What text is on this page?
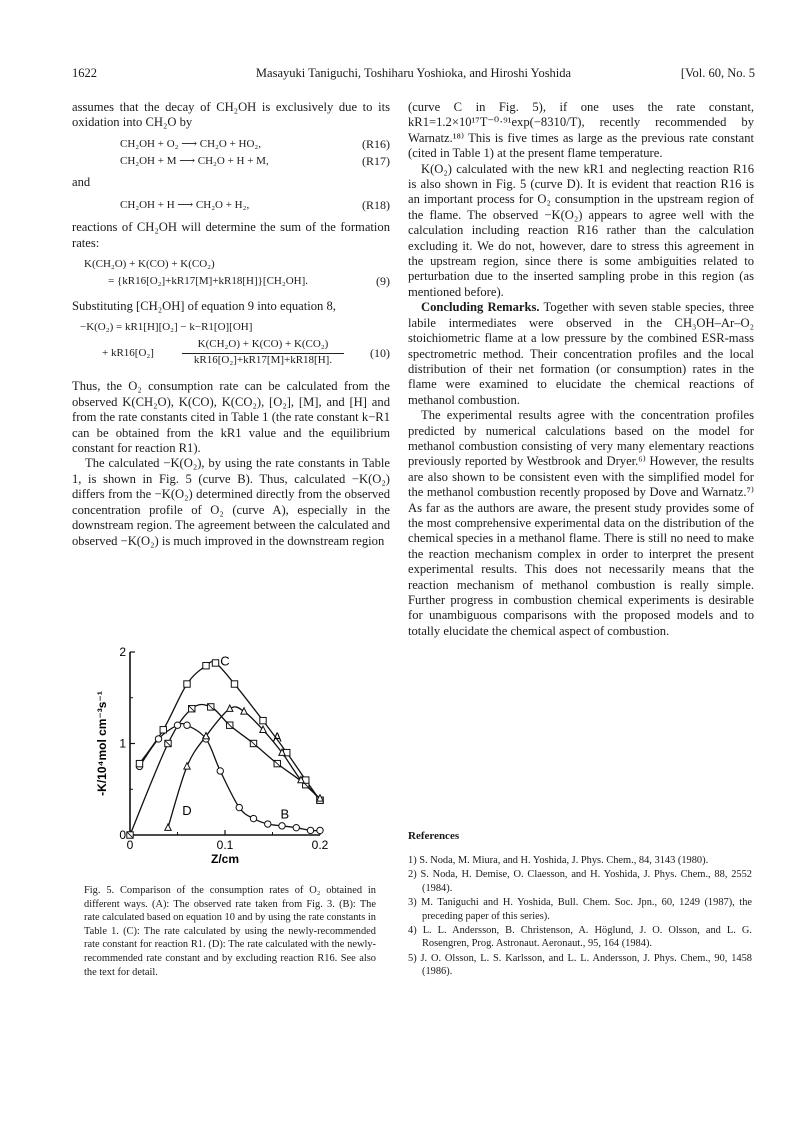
1622	Masayuki Taniguchi, Toshiharu Yoshioka, and Hiroshi Yoshida	[Vol. 60, No. 5

assumes that the decay of CH₂OH is exclusively due to its oxidation into CH₂O by

CH₂OH + O₂ ⟶ CH₂O + HO₂,	(R16)
CH₂OH + M ⟶ CH₂O + H + M,	(R17)

and

CH₂OH + H ⟶ CH₂O + H₂,	(R18)

reactions of CH₂OH will determine the sum of the formation rates:

K(CH₂O) + K(CO) + K(CO₂)
= {kR16[O₂]+kR17[M]+kR18[H]}[CH₂OH].	(9)

Substituting [CH₂OH] of equation 9 into equation 8,

−K(O₂) = kR1[H][O₂] − k−R1[O][OH]
+ kR16[O₂]
K(CH₂O) + K(CO) + K(CO₂)
kR16[O₂]+kR17[M]+kR18[H].	(10)

Thus, the O₂ consumption rate can be calculated from the observed K(CH₂O), K(CO), K(CO₂), [O₂], [M], and [H] and from the rate constants cited in Table 1 (the rate constant k−R1 can be obtained from the kR1 value and the equilibrium constant for reaction R1).

The calculated −K(O₂), by using the rate constants in Table 1, is shown in Fig. 5 (curve B). Thus, calculated −K(O₂) differs from the −K(O₂) determined directly from the observed concentration profile of O₂ (curve A), especially in the downstream region. The agreement between the calculated and observed −K(O₂) is much improved in the downstream region

(curve C in Fig. 5), if one uses the rate constant, kR1=1.2×10¹⁷T⁻⁰·⁹¹exp(−8310/T), recently recommended by Warnatz.¹⁸⁾ This is five times as large as the previous rate constant (cited in Table 1) at the present flame temperature.

K(O₂) calculated with the new kR1 and neglecting reaction R16 is also shown in Fig. 5 (curve D). It is evident that reaction R16 is an important process for O₂ consumption in the upstream region of the flame. The observed −K(O₂) appears to agree well with the calculation including reaction R16 rather than the calculation excluding it. We do not, however, dare to stress this agreement in the upstream region, since there is some ambiguities related to perturbation due to the inserted sampling probe in this region (as mentioned before).

Concluding Remarks. Together with seven stable species, three labile intermediates were observed in the CH₃OH–Ar–O₂ stoichiometric flame at a low pressure by the combined ESR-mass spectrometric method. Their concentration profiles and the local distribution of their net formation (or consumption) rates in the flame were examined to elucidate the chemical reactions of methanol combustion.

The experimental results agree with the concentration profiles predicted by numerical calculations based on the model for methanol combustion consisting of very many elementary reactions previously reported by Westbrook and Dryer.⁶⁾ However, the results are also shown to be consistent even with the simplified model for the methanol combustion recently proposed by Dove and Warnatz.⁷⁾ As far as the authors are aware, the present study provides some of the most comprehensive experimental data on the distribution of the chemical species in a methanol flame. There is still no need to make the reaction mechanism complex in order to interpret the present experimental results. This does not necessarily means that the reaction mechanism of methanol combustion is really simple. Further progress in combustion chemical experiments is desirable for unambiguous comparisons with the proposed models and to totally elucidate the chemical aspect of combustion.

0	0.1	0.2
0
1
2
Z/cm
-K/10⁴mol cm⁻³s⁻¹
C
A
D	B
Fig. 5. Comparison of the consumption rates of O₂ obtained in different ways. (A): The observed rate taken from Fig. 3. (B): The rate calculated based on equation 10 and by using the rate constants in Table 1. (C): The rate calculated by using the newly-recommended rate constant for reaction R1. (D): The rate calculated with the newly-recommended rate constant and by excluding reaction R16. See also the text for detail.
References
1) S. Noda, M. Miura, and H. Yoshida, J. Phys. Chem., 84, 3143 (1980).
2) S. Noda, H. Demise, O. Claesson, and H. Yoshida, J. Phys. Chem., 88, 2552 (1984).
3) M. Taniguchi and H. Yoshida, Bull. Chem. Soc. Jpn., 60, 1249 (1987), the preceding paper of this series).
4) L. L. Andersson, B. Christenson, A. Höglund, J. O. Olsson, and L. G. Rosengren, Prog. Astronaut. Aeronaut., 95, 164 (1984).
5) J. O. Olsson, L. S. Karlsson, and L. L. Andersson, J. Phys. Chem., 90, 1458 (1986).
